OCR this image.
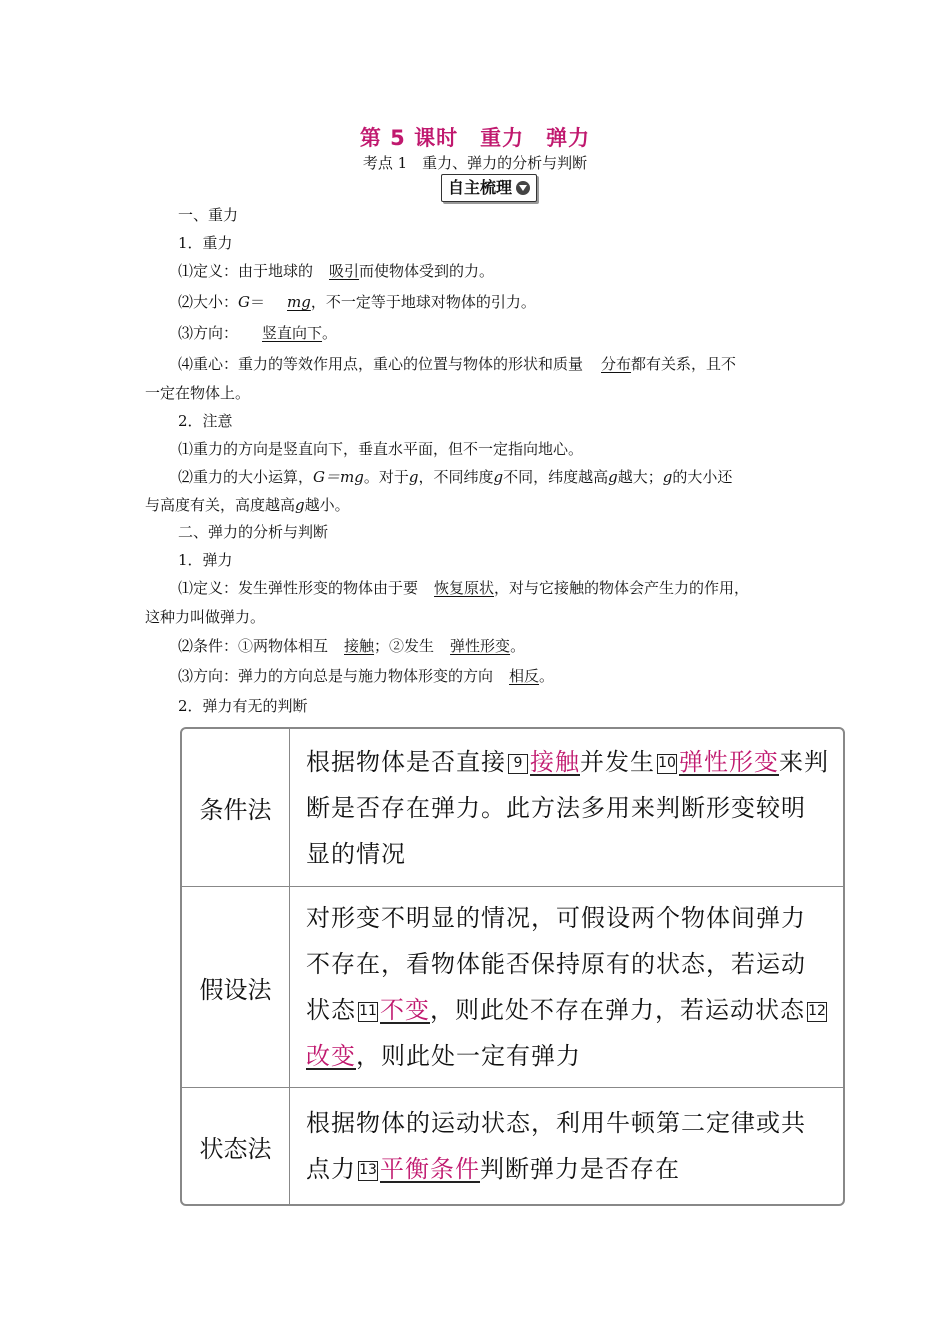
第 5 课时　重力　弹力
考点 1　重力、弹力的分析与判断
自主梳理
一、重力
1．重力
⑴定义：由于地球的 吸引而使物体受到的力。
⑵大小：G＝ mg，不一定等于地球对物体的引力。
⑶方向： 竖直向下。
⑷重心：重力的等效作用点，重心的位置与物体的形状和质量 分布都有关系，且不
一定在物体上。
2．注意
⑴重力的方向是竖直向下，垂直水平面，但不一定指向地心。
⑵重力的大小运算，G＝mg。对于g，不同纬度g不同，纬度越高g越大；g的大小还
与高度有关，高度越高g越小。
二、弹力的分析与判断
1．弹力
⑴定义：发生弹性形变的物体由于要 恢复原状，对与它接触的物体会产生力的作用，
这种力叫做弹力。
⑵条件：①两物体相互 接触；②发生 弹性形变。
⑶方向：弹力的方向总是与施力物体形变的方向 相反。
2．弹力有无的判断
条件法	根据物体是否直接 9 接触并发生 10 弹性形变来判断是否存在弹力。此方法多用来判断形变较明显的情况
假设法	对形变不明显的情况，可假设两个物体间弹力不存在，看物体能否保持原有的状态，若运动状态 11 不变，则此处不存在弹力，若运动状态 12改变，则此处一定有弹力
状态法	根据物体的运动状态，利用牛顿第二定律或共点力 13 平衡条件判断弹力是否存在
